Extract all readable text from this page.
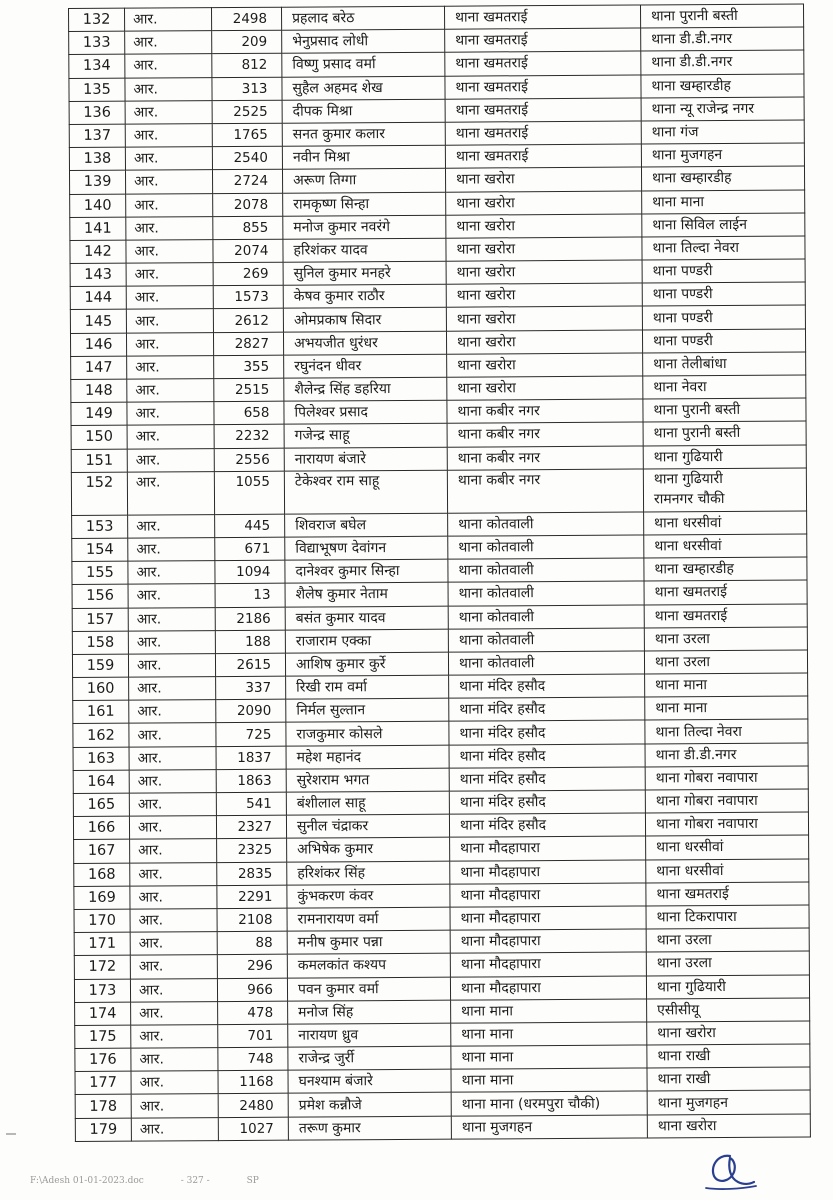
132	आर.	2498	प्रहलाद बरेठ	थाना खमतराई	थाना पुरानी बस्ती
133	आर.	209	भेनुप्रसाद लोधी	थाना खमतराई	थाना डी.डी.नगर
134	आर.	812	विष्णु प्रसाद वर्मा	थाना खमतराई	थाना डी.डी.नगर
135	आर.	313	सुहैल अहमद शेख	थाना खमतराई	थाना खम्हारडीह
136	आर.	2525	दीपक मिश्रा	थाना खमतराई	थाना न्यू राजेन्द्र नगर
137	आर.	1765	सनत कुमार कलार	थाना खमतराई	थाना गंज
138	आर.	2540	नवीन मिश्रा	थाना खमतराई	थाना मुजगहन
139	आर.	2724	अरूण तिग्गा	थाना खरोरा	थाना खम्हारडीह
140	आर.	2078	रामकृष्ण सिन्हा	थाना खरोरा	थाना माना
141	आर.	855	मनोज कुमार नवरंगे	थाना खरोरा	थाना सिविल लाईन
142	आर.	2074	हरिशंकर यादव	थाना खरोरा	थाना तिल्दा नेवरा
143	आर.	269	सुनिल कुमार मनहरे	थाना खरोरा	थाना पण्डरी
144	आर.	1573	केषव कुमार राठौर	थाना खरोरा	थाना पण्डरी
145	आर.	2612	ओमप्रकाष सिदार	थाना खरोरा	थाना पण्डरी
146	आर.	2827	अभयजीत धुरंधर	थाना खरोरा	थाना पण्डरी
147	आर.	355	रघुनंदन धीवर	थाना खरोरा	थाना तेलीबांधा
148	आर.	2515	शैलेन्द्र सिंह डहरिया	थाना खरोरा	थाना नेवरा
149	आर.	658	पिलेश्वर प्रसाद	थाना कबीर नगर	थाना पुरानी बस्ती
150	आर.	2232	गजेन्द्र साहू	थाना कबीर नगर	थाना पुरानी बस्ती
151	आर.	2556	नारायण बंजारे	थाना कबीर नगर	थाना गुढियारी
152	आर.	1055	टेकेश्वर राम साहू	थाना कबीर नगर	थाना गुढियारी
रामनगर चौकी

153	आर.	445	शिवराज बघेल	थाना कोतवाली	थाना धरसीवां
154	आर.	671	विद्याभूषण देवांगन	थाना कोतवाली	थाना धरसीवां
155	आर.	1094	दानेश्वर कुमार सिन्हा	थाना कोतवाली	थाना खम्हारडीह
156	आर.	13	शैलेष कुमार नेताम	थाना कोतवाली	थाना खमतराई
157	आर.	2186	बसंत कुमार यादव	थाना कोतवाली	थाना खमतराई
158	आर.	188	राजाराम एक्का	थाना कोतवाली	थाना उरला
159	आर.	2615	आशिष कुमार कुर्रे	थाना कोतवाली	थाना उरला
160	आर.	337	रिखी राम वर्मा	थाना मंदिर हसौद	थाना माना
161	आर.	2090	निर्मल सुल्तान	थाना मंदिर हसौद	थाना माना
162	आर.	725	राजकुमार कोसले	थाना मंदिर हसौद	थाना तिल्दा नेवरा
163	आर.	1837	महेश महानंद	थाना मंदिर हसौद	थाना डी.डी.नगर
164	आर.	1863	सुरेशराम भगत	थाना मंदिर हसौद	थाना गोबरा नवापारा
165	आर.	541	बंशीलाल साहू	थाना मंदिर हसौद	थाना गोबरा नवापारा
166	आर.	2327	सुनील चंद्राकर	थाना मंदिर हसौद	थाना गोबरा नवापारा
167	आर.	2325	अभिषेक कुमार	थाना मौदहापारा	थाना धरसीवां
168	आर.	2835	हरिशंकर सिंह	थाना मौदहापारा	थाना धरसीवां
169	आर.	2291	कुंभकरण कंवर	थाना मौदहापारा	थाना खमतराई
170	आर.	2108	रामनारायण वर्मा	थाना मौदहापारा	थाना टिकरापारा
171	आर.	88	मनीष कुमार पन्ना	थाना मौदहापारा	थाना उरला
172	आर.	296	कमलकांत कश्यप	थाना मौदहापारा	थाना उरला
173	आर.	966	पवन कुमार वर्मा	थाना मौदहापारा	थाना गुढियारी
174	आर.	478	मनोज सिंह	थाना माना	एसीसीयू
175	आर.	701	नारायण ध्रुव	थाना माना	थाना खरोरा
176	आर.	748	राजेन्द्र जुर्री	थाना माना	थाना राखी
177	आर.	1168	घनश्याम बंजारे	थाना माना	थाना राखी
178	आर.	2480	प्रमेश कन्नौजे	थाना माना (धरमपुरा चौकी)	थाना मुजगहन
179	आर.	1027	तरूण कुमार	थाना मुजगहन	थाना खरोरा
F:\Adesh 01-01-2023.doc	- 327 -	SP
